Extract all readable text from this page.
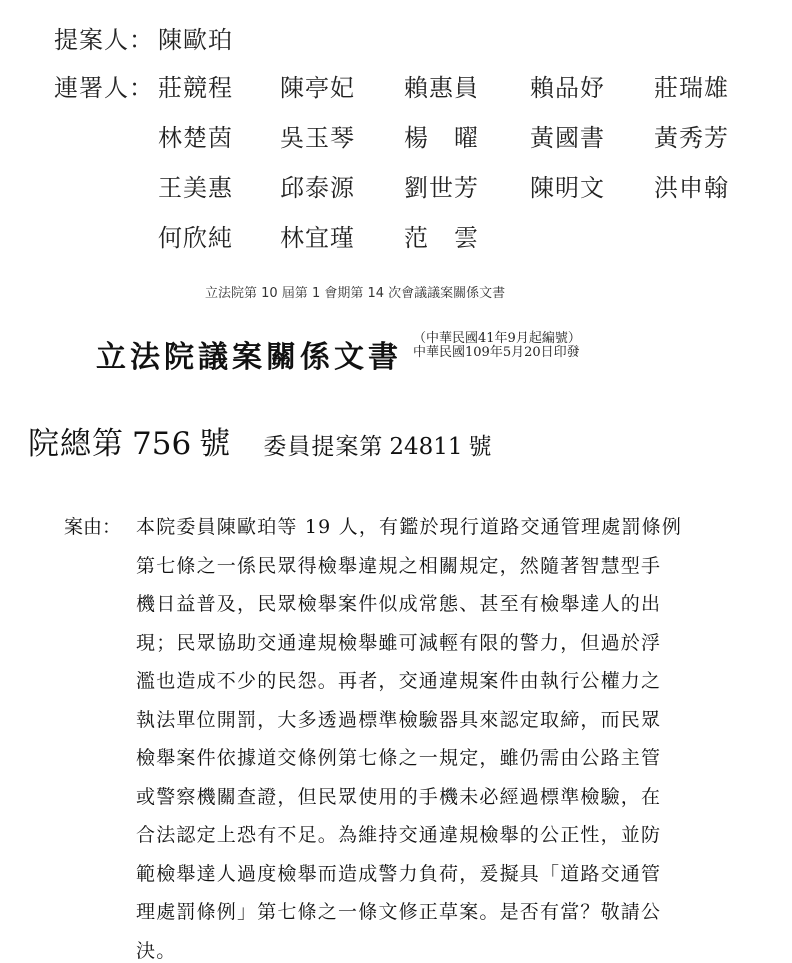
提案人： 陳歐珀
連署人： 莊競程 陳亭妃 賴惠員 賴品妤 莊瑞雄
林楚茵 吳玉琴 楊　曜 黃國書 黃秀芳
王美惠 邱泰源 劉世芳 陳明文 洪申翰
何欣純 林宜瑾 范　雲
立法院第 10 屆第 1 會期第 14 次會議議案關係文書
立法院議案關係文書
（中華民國41年9月起編號）
中華民國109年5月20日印發
院總第 756 號 委員提案第 24811 號
案由： 本院委員陳歐珀等 19 人，有鑑於現行道路交通管理處罰條例
第七條之一係民眾得檢舉違規之相關規定，然隨著智慧型手
機日益普及，民眾檢舉案件似成常態、甚至有檢舉達人的出
現；民眾協助交通違規檢舉雖可減輕有限的警力，但過於浮
濫也造成不少的民怨。再者，交通違規案件由執行公權力之
執法單位開罰，大多透過標準檢驗器具來認定取締，而民眾
檢舉案件依據道交條例第七條之一規定，雖仍需由公路主管
或警察機關查證，但民眾使用的手機未必經過標準檢驗，在
合法認定上恐有不足。為維持交通違規檢舉的公正性，並防
範檢舉達人過度檢舉而造成警力負荷，爰擬具「道路交通管
理處罰條例」第七條之一條文修正草案。是否有當？敬請公
決。
